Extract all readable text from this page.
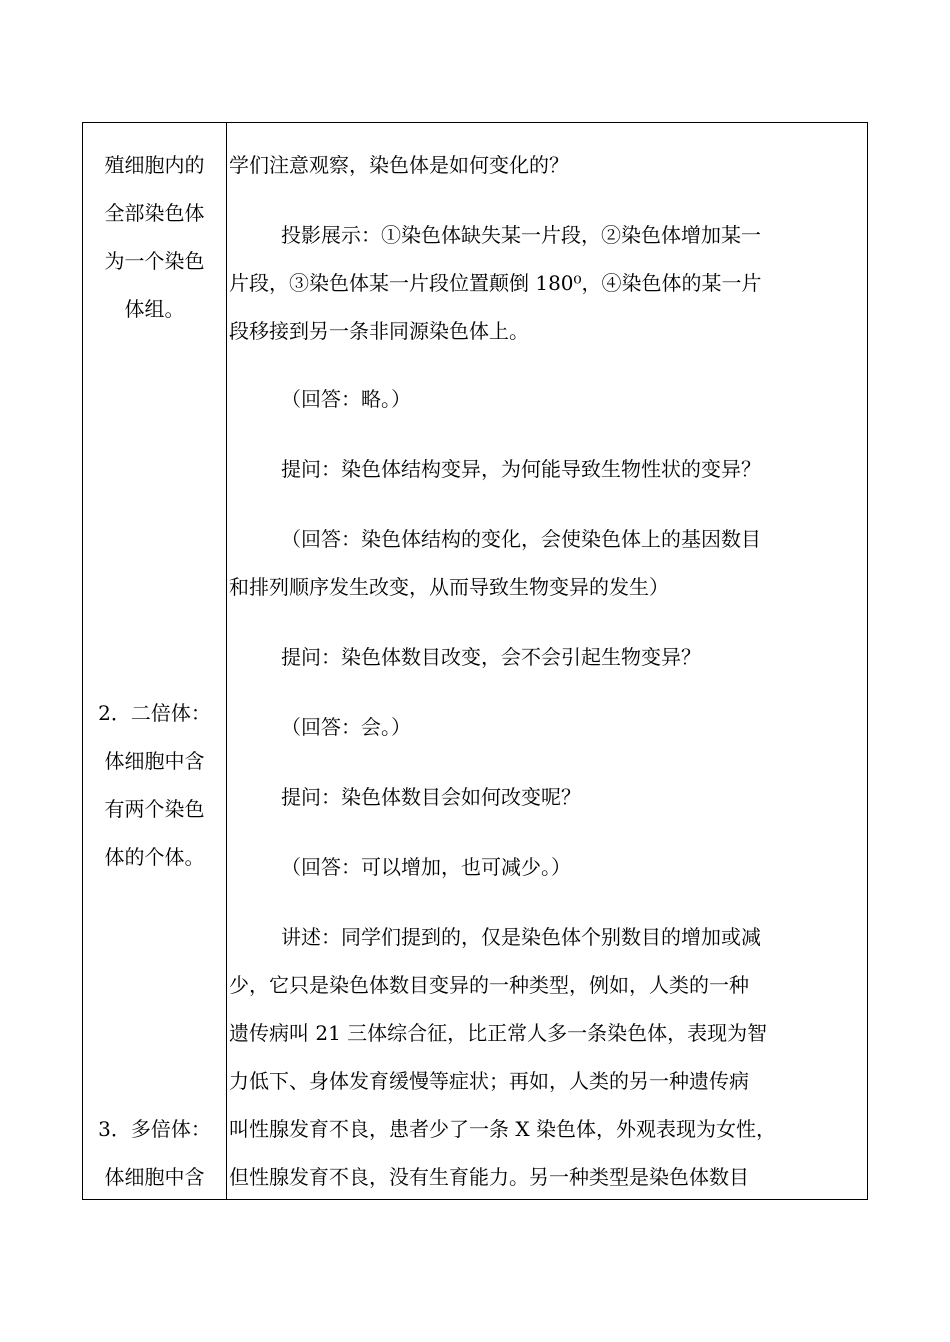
殖细胞内的
全部染色体
为一个染色
体组。
2．二倍体：
体细胞中含
有两个染色
体的个体。
3．多倍体：
体细胞中含
学们注意观察，染色体是如何变化的？
投影展示：①染色体缺失某一片段，②染色体增加某一
片段，③染色体某一片段位置颠倒 180⁰，④染色体的某一片
段移接到另一条非同源染色体上。
（回答：略。）
提问：染色体结构变异，为何能导致生物性状的变异？
（回答：染色体结构的变化，会使染色体上的基因数目
和排列顺序发生改变，从而导致生物变异的发生）
提问：染色体数目改变，会不会引起生物变异？
（回答：会。）
提问：染色体数目会如何改变呢？
（回答：可以增加，也可减少。）
讲述：同学们提到的，仅是染色体个别数目的增加或减
少，它只是染色体数目变异的一种类型，例如，人类的一种
遗传病叫 21 三体综合征，比正常人多一条染色体，表现为智
力低下、身体发育缓慢等症状；再如，人类的另一种遗传病
叫性腺发育不良，患者少了一条 X 染色体，外观表现为女性，
但性腺发育不良，没有生育能力。另一种类型是染色体数目
